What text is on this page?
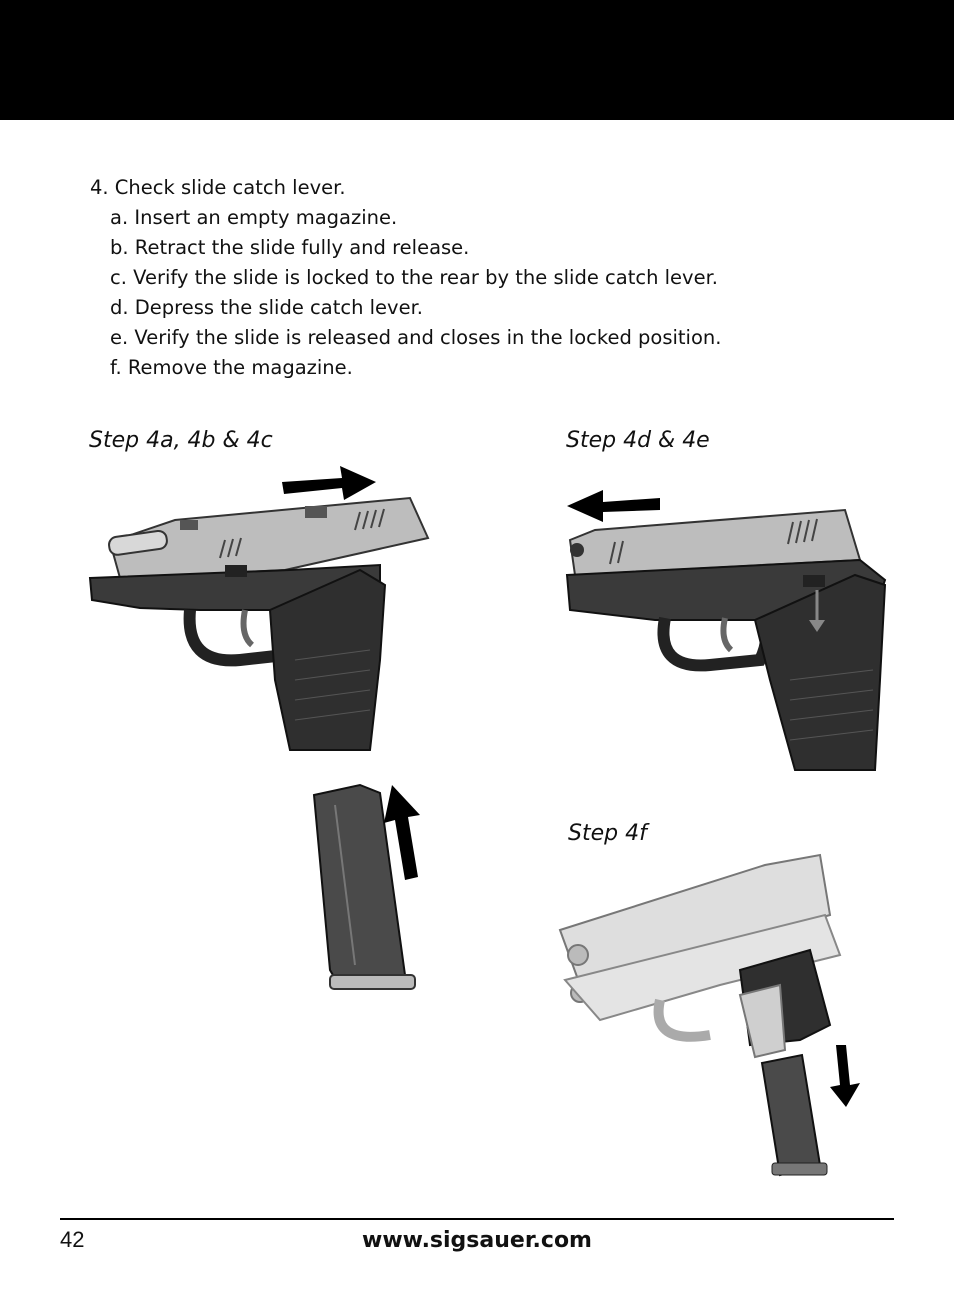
4. Check slide catch lever.
a. Insert an empty magazine.
b. Retract the slide fully and release.
c. Verify the slide is locked to the rear by the slide catch lever.
d. Depress the slide catch lever.
e. Verify the slide is released and closes in the locked position.
f. Remove the magazine.
Step 4a, 4b & 4c	Step 4d & 4e
Step 4f
42	www.sigsauer.com
